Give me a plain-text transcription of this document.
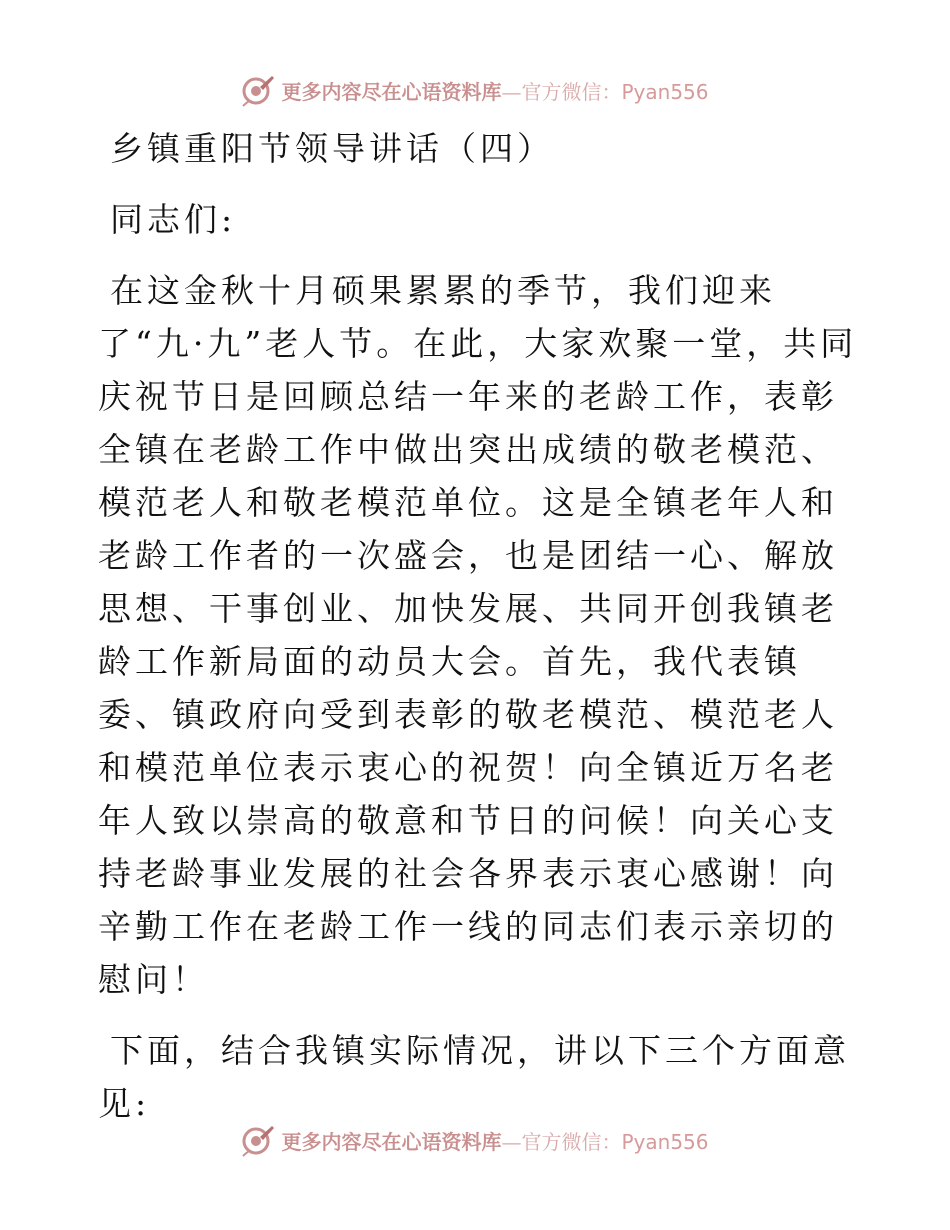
更多内容尽在心语资料库—官方微信：Pyan556
乡镇重阳节领导讲话（四）

同志们:

在这金秋十月硕果累累的季节，我们迎来了“九·九”老人节。在此，大家欢聚一堂，共同庆祝节日是回顾总结一年来的老龄工作，表彰全镇在老龄工作中做出突出成绩的敬老模范、模范老人和敬老模范单位。这是全镇老年人和老龄工作者的一次盛会，也是团结一心、解放思想、干事创业、加快发展、共同开创我镇老龄工作新局面的动员大会。首先，我代表镇委、镇政府向受到表彰的敬老模范、模范老人和模范单位表示衷心的祝贺！向全镇近万名老年人致以崇高的敬意和节日的问候！向关心支持老龄事业发展的社会各界表示衷心感谢！向辛勤工作在老龄工作一线的同志们表示亲切的慰问！

下面，结合我镇实际情况，讲以下三个方面意见:

更多内容尽在心语资料库—官方微信：Pyan556
